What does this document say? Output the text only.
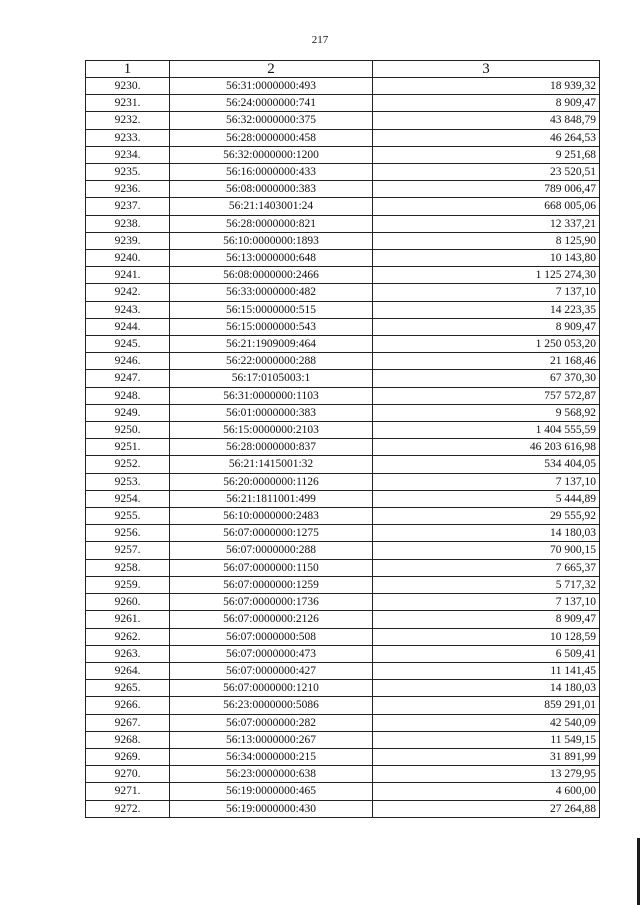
217
1	2	3
9230.	56:31:0000000:493	18 939,32
9231.	56:24:0000000:741	8 909,47
9232.	56:32:0000000:375	43 848,79
9233.	56:28:0000000:458	46 264,53
9234.	56:32:0000000:1200	9 251,68
9235.	56:16:0000000:433	23 520,51
9236.	56:08:0000000:383	789 006,47
9237.	56:21:1403001:24	668 005,06
9238.	56:28:0000000:821	12 337,21
9239.	56:10:0000000:1893	8 125,90
9240.	56:13:0000000:648	10 143,80
9241.	56:08:0000000:2466	1 125 274,30
9242.	56:33:0000000:482	7 137,10
9243.	56:15:0000000:515	14 223,35
9244.	56:15:0000000:543	8 909,47
9245.	56:21:1909009:464	1 250 053,20
9246.	56:22:0000000:288	21 168,46
9247.	56:17:0105003:1	67 370,30
9248.	56:31:0000000:1103	757 572,87
9249.	56:01:0000000:383	9 568,92
9250.	56:15:0000000:2103	1 404 555,59
9251.	56:28:0000000:837	46 203 616,98
9252.	56:21:1415001:32	534 404,05
9253.	56:20:0000000:1126	7 137,10
9254.	56:21:1811001:499	5 444,89
9255.	56:10:0000000:2483	29 555,92
9256.	56:07:0000000:1275	14 180,03
9257.	56:07:0000000:288	70 900,15
9258.	56:07:0000000:1150	7 665,37
9259.	56:07:0000000:1259	5 717,32
9260.	56:07:0000000:1736	7 137,10
9261.	56:07:0000000:2126	8 909,47
9262.	56:07:0000000:508	10 128,59
9263.	56:07:0000000:473	6 509,41
9264.	56:07:0000000:427	11 141,45
9265.	56:07:0000000:1210	14 180,03
9266.	56:23:0000000:5086	859 291,01
9267.	56:07:0000000:282	42 540,09
9268.	56:13:0000000:267	11 549,15
9269.	56:34:0000000:215	31 891,99
9270.	56:23:0000000:638	13 279,95
9271.	56:19:0000000:465	4 600,00
9272.	56:19:0000000:430	27 264,88
